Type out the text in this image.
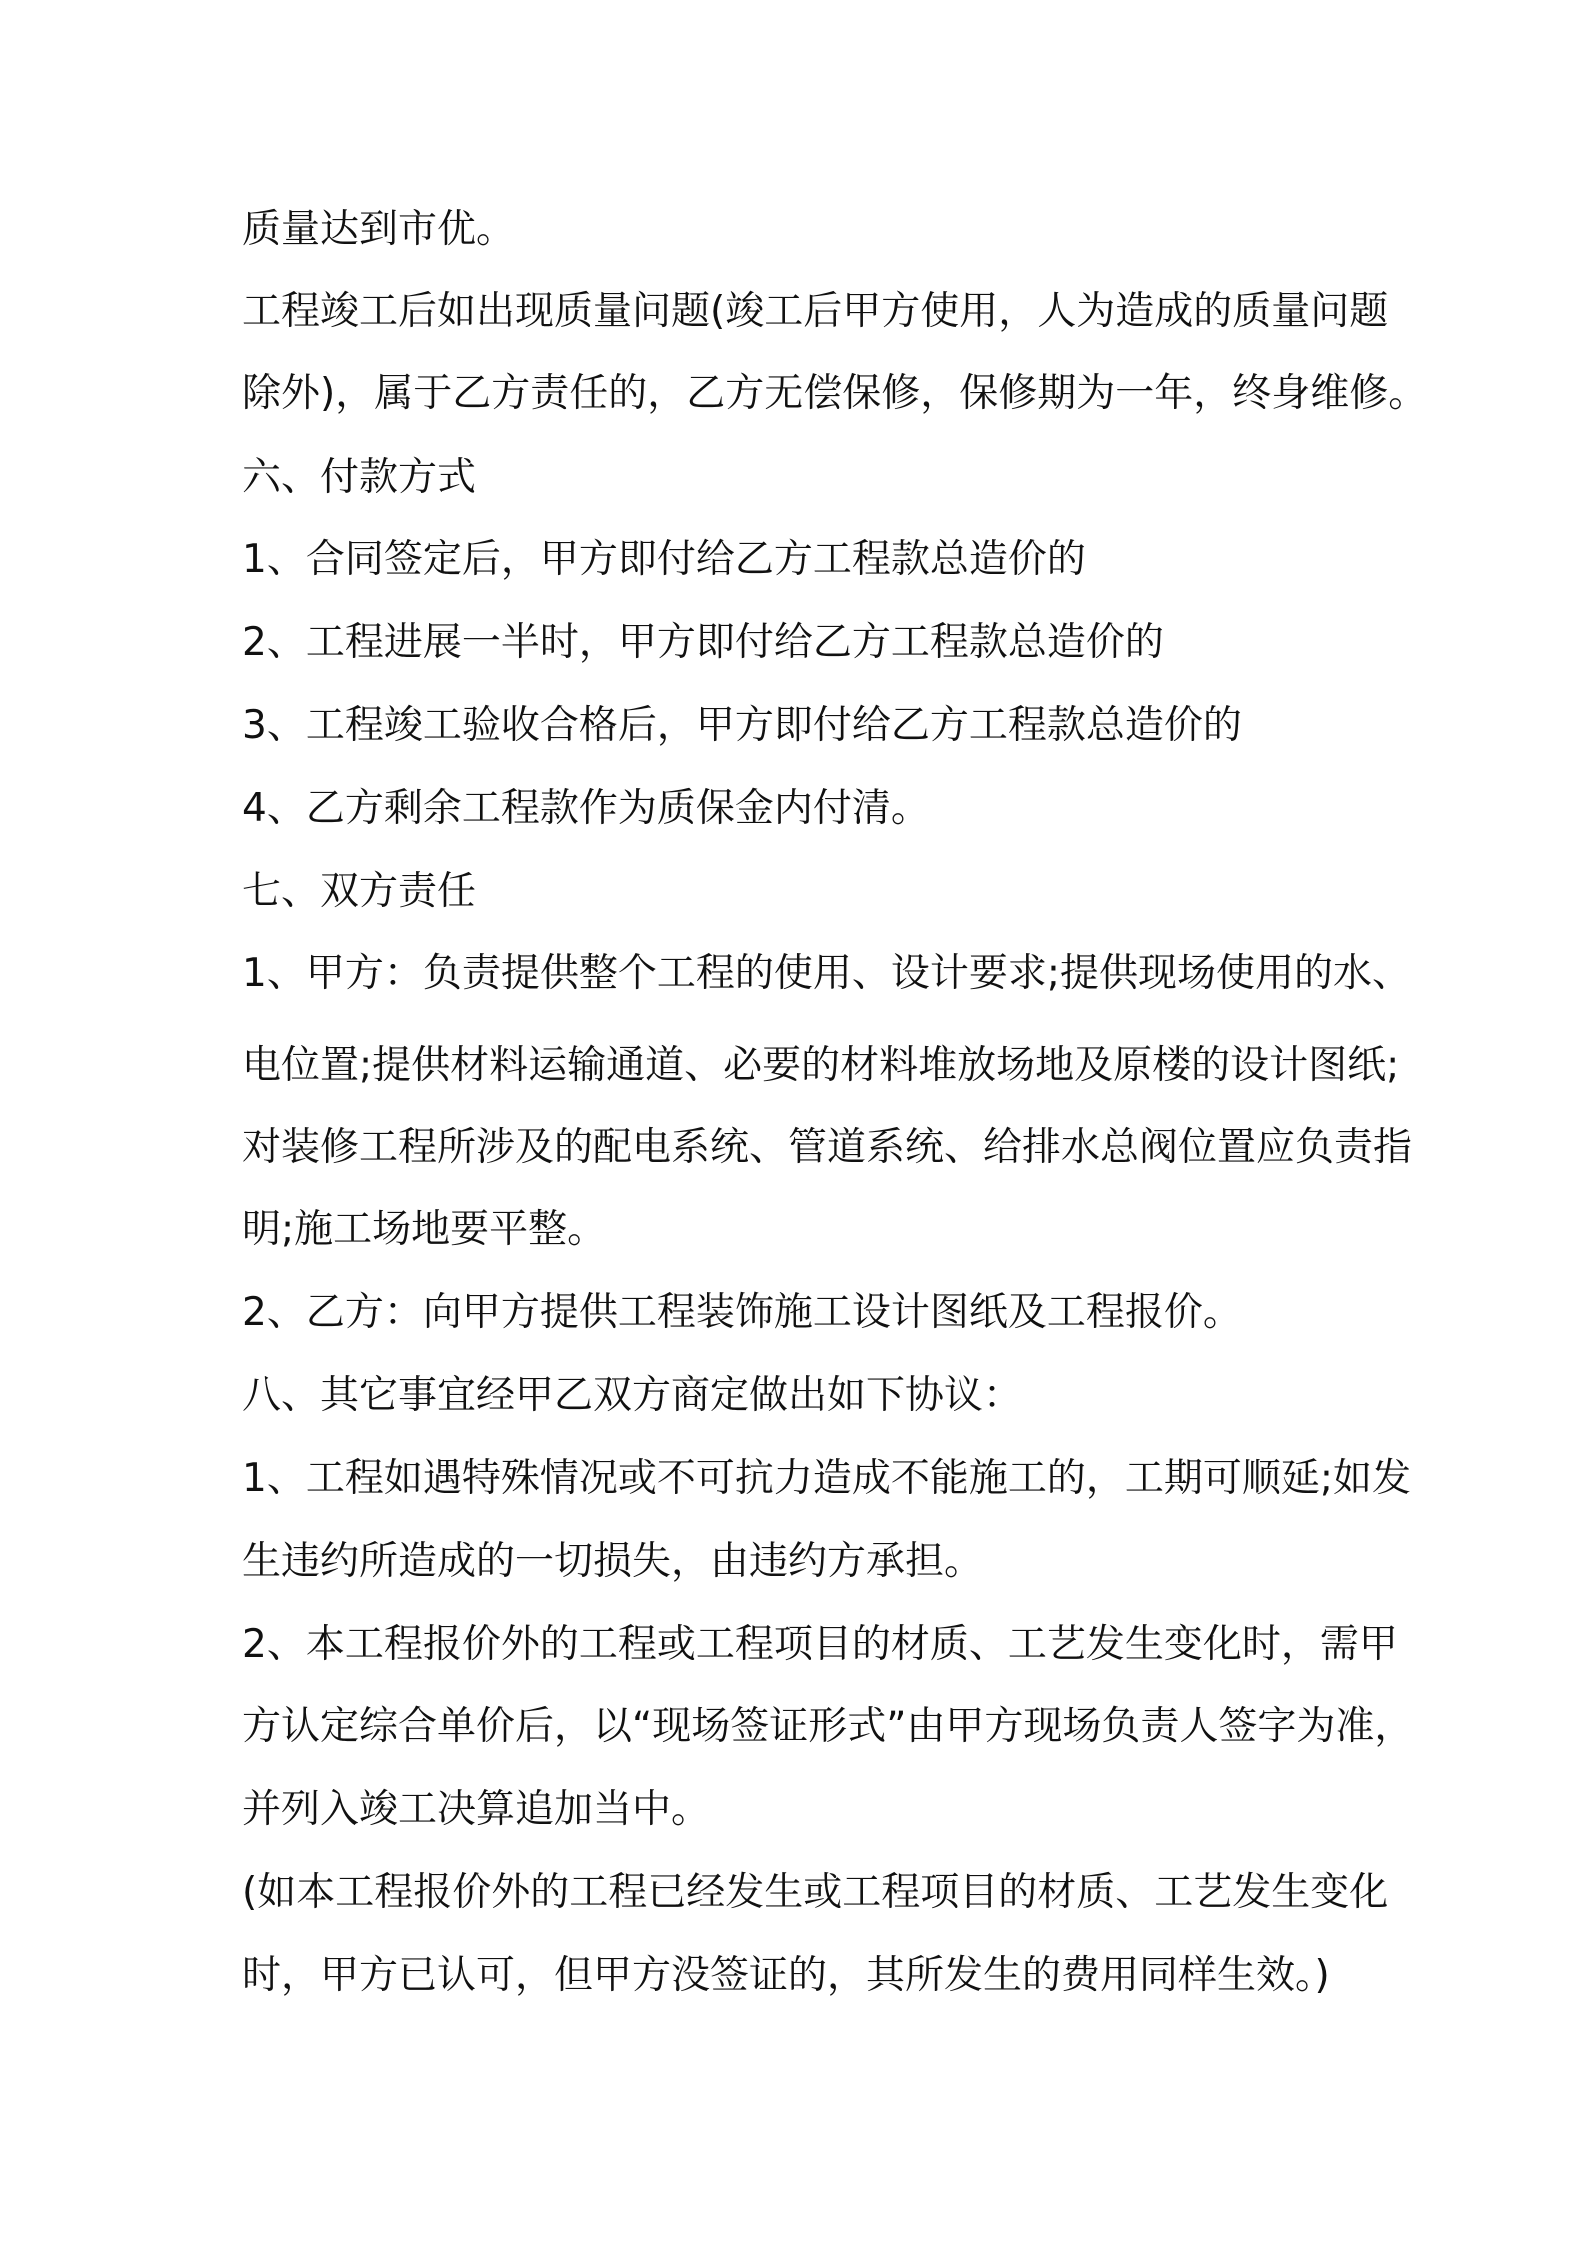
质量达到市优。

工程竣工后如出现质量问题(竣工后甲方使用，人为造成的质量问题

除外)，属于乙方责任的，乙方无偿保修，保修期为一年，终身维修。

六、付款方式

1、合同签定后，甲方即付给乙方工程款总造价的

2、工程进展一半时，甲方即付给乙方工程款总造价的

3、工程竣工验收合格后，甲方即付给乙方工程款总造价的

4、乙方剩余工程款作为质保金内付清。

七、双方责任

1、甲方：负责提供整个工程的使用、设计要求;提供现场使用的水、

电位置;提供材料运输通道、必要的材料堆放场地及原楼的设计图纸;

对装修工程所涉及的配电系统、管道系统、给排水总阀位置应负责指

明;施工场地要平整。

2、乙方：向甲方提供工程装饰施工设计图纸及工程报价。

八、其它事宜经甲乙双方商定做出如下协议：

1、工程如遇特殊情况或不可抗力造成不能施工的，工期可顺延;如发

生违约所造成的一切损失，由违约方承担。

2、本工程报价外的工程或工程项目的材质、工艺发生变化时，需甲

方认定综合单价后，以“现场签证形式”由甲方现场负责人签字为准，

并列入竣工决算追加当中。

(如本工程报价外的工程已经发生或工程项目的材质、工艺发生变化

时，甲方已认可，但甲方没签证的，其所发生的费用同样生效。)
